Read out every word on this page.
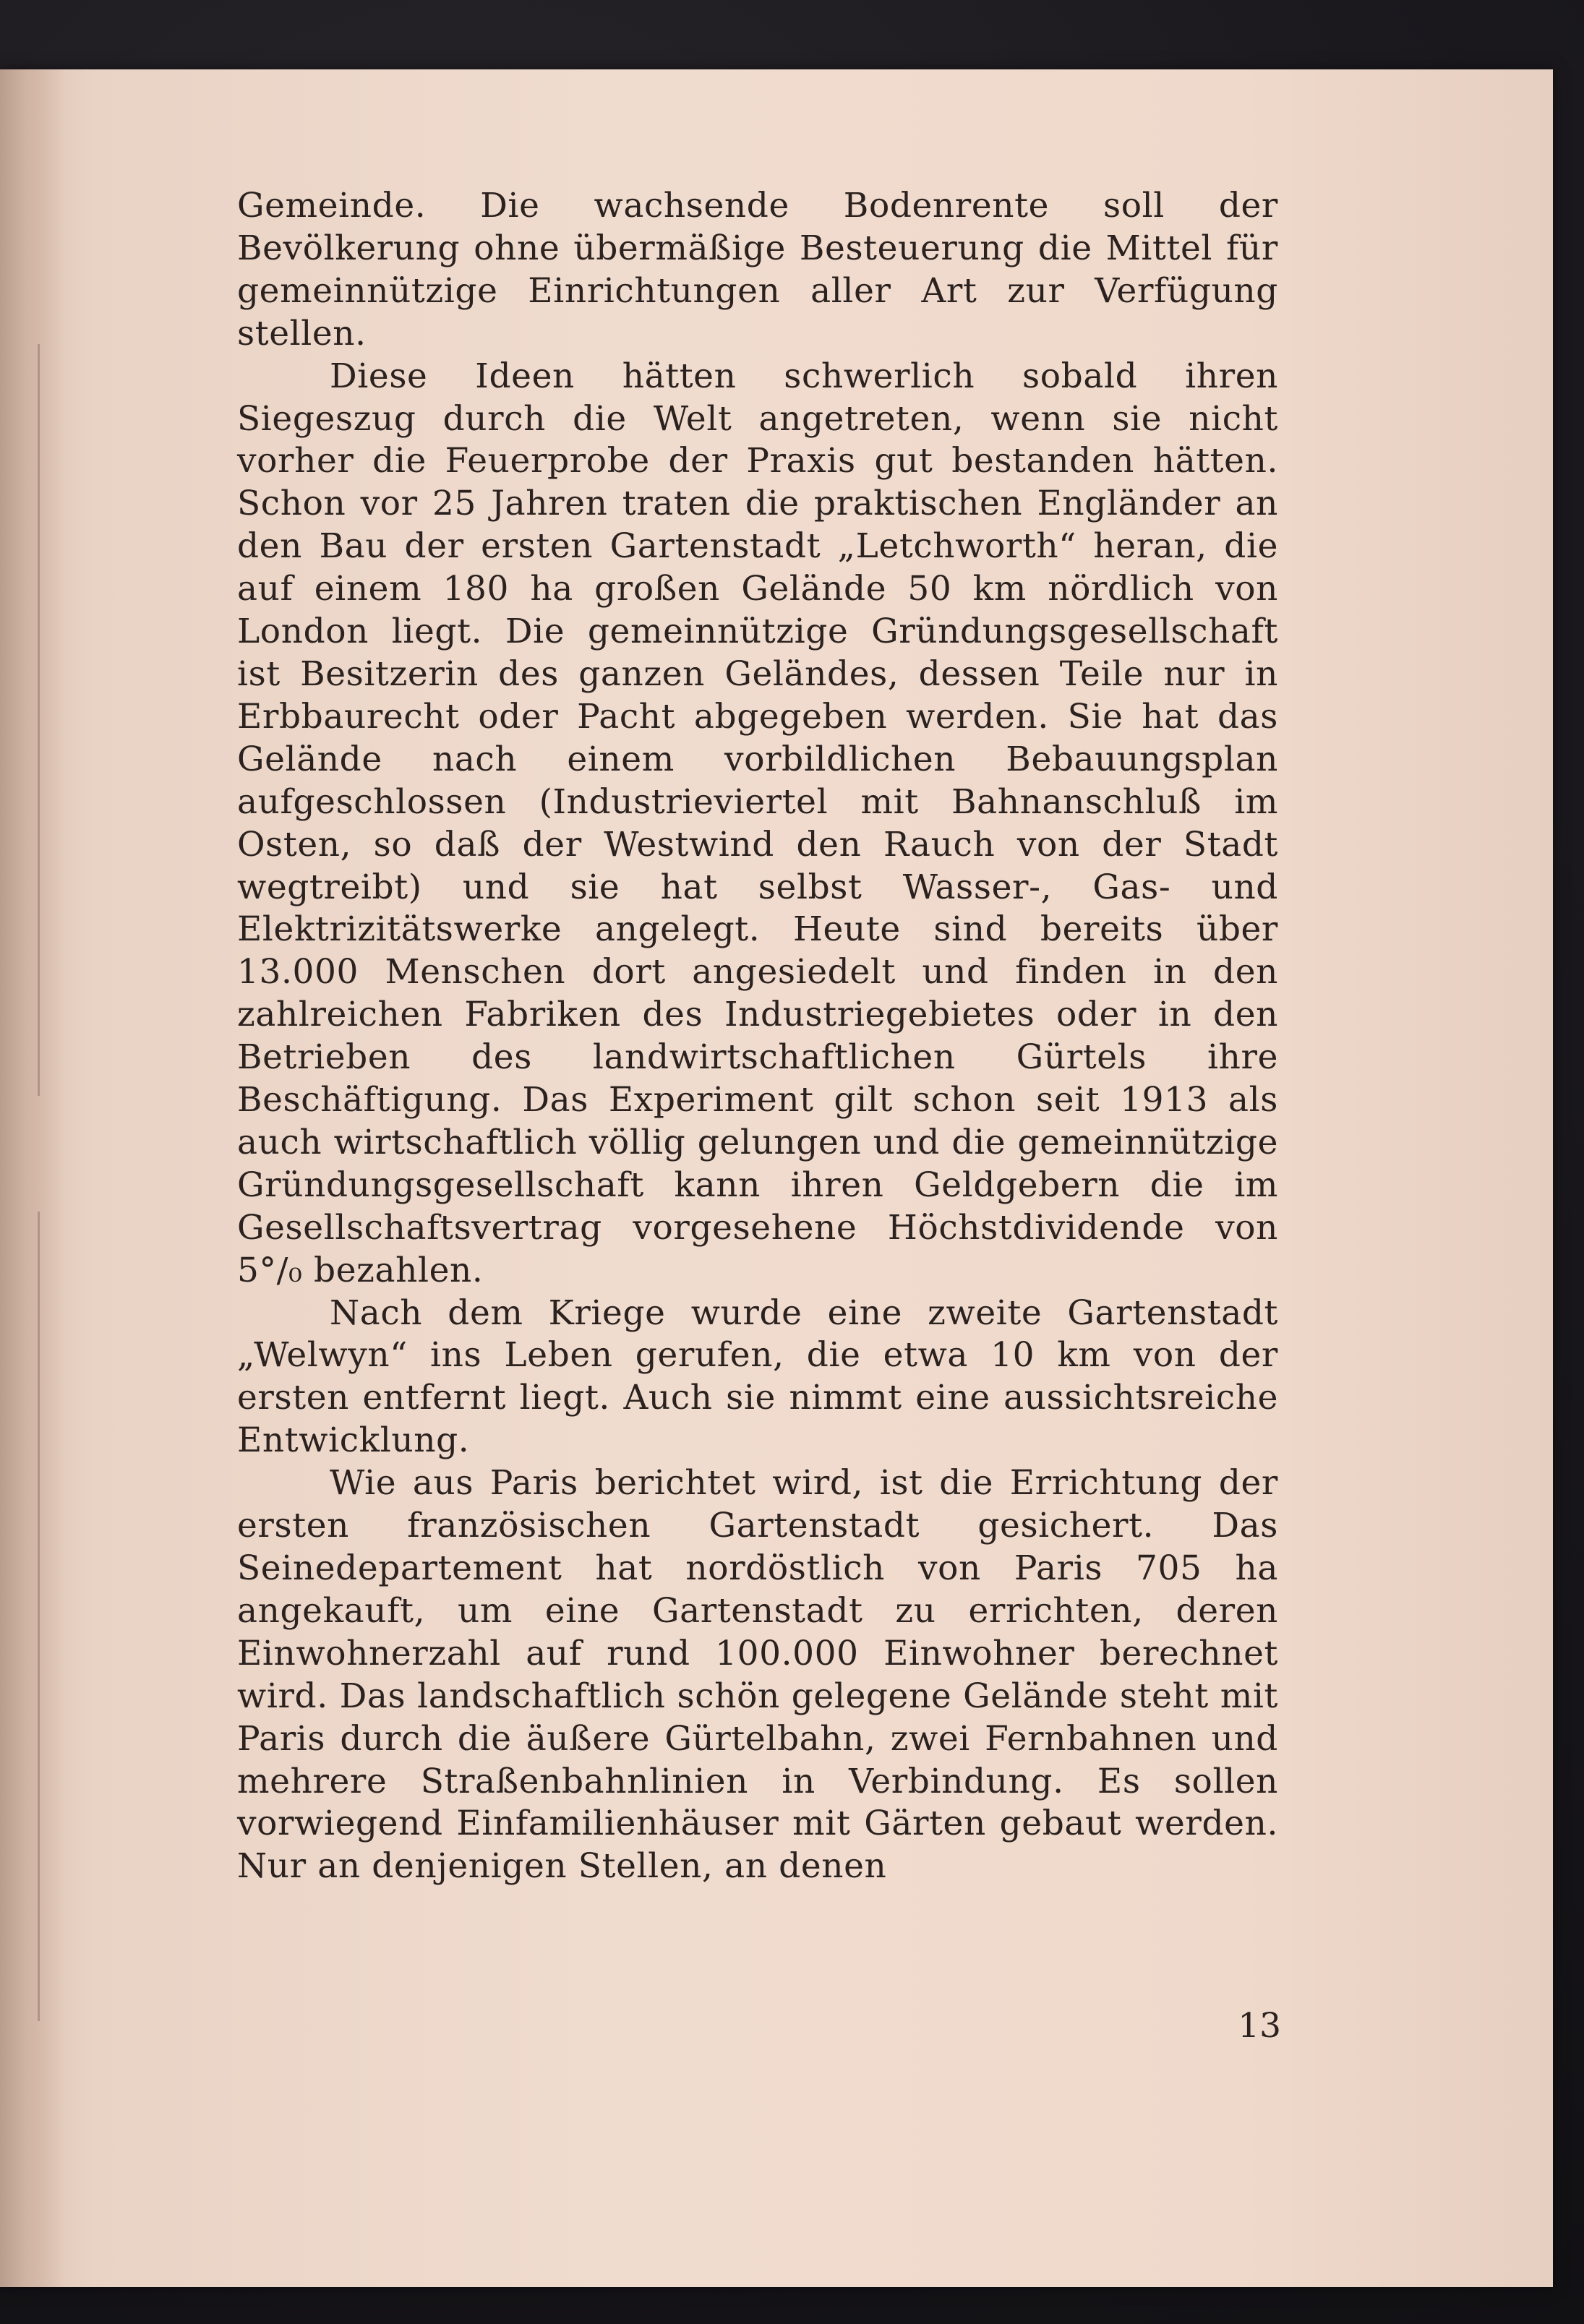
Gemeinde. Die wachsende Bodenrente soll der Bevölkerung ohne übermäßige Besteuerung die Mittel für gemeinnützige Einrichtungen aller Art zur Verfügung stellen.

Diese Ideen hätten schwerlich sobald ihren Siegeszug durch die Welt angetreten, wenn sie nicht vorher die Feuerprobe der Praxis gut bestanden hätten. Schon vor 25 Jahren traten die praktischen Engländer an den Bau der ersten Gartenstadt „Letchworth“ heran, die auf einem 180 ha großen Gelände 50 km nördlich von London liegt. Die gemeinnützige Gründungsgesellschaft ist Besitzerin des ganzen Geländes, dessen Teile nur in Erbbaurecht oder Pacht abgegeben werden. Sie hat das Gelände nach einem vorbildlichen Bebauungsplan aufgeschlossen (Industrieviertel mit Bahnanschluß im Osten, so daß der Westwind den Rauch von der Stadt wegtreibt) und sie hat selbst Wasser-, Gas- und Elektrizitätswerke angelegt. Heute sind bereits über 13.000 Menschen dort angesiedelt und finden in den zahlreichen Fabriken des Industriegebietes oder in den Betrieben des landwirtschaftlichen Gürtels ihre Beschäftigung. Das Experiment gilt schon seit 1913 als auch wirtschaftlich völlig gelungen und die gemeinnützige Gründungsgesellschaft kann ihren Geldgebern die im Gesellschaftsvertrag vorgesehene Höchstdividende von 5°/₀ bezahlen.

Nach dem Kriege wurde eine zweite Gartenstadt „Welwyn“ ins Leben gerufen, die etwa 10 km von der ersten entfernt liegt. Auch sie nimmt eine aussichtsreiche Entwicklung.

Wie aus Paris berichtet wird, ist die Errichtung der ersten französischen Gartenstadt gesichert. Das Seinedepartement hat nordöstlich von Paris 705 ha angekauft, um eine Gartenstadt zu errichten, deren Einwohnerzahl auf rund 100.000 Einwohner berechnet wird. Das landschaftlich schön gelegene Gelände steht mit Paris durch die äußere Gürtelbahn, zwei Fernbahnen und mehrere Straßenbahnlinien in Verbindung. Es sollen vorwiegend Einfamilienhäuser mit Gärten gebaut werden. Nur an denjenigen Stellen, an denen

13
